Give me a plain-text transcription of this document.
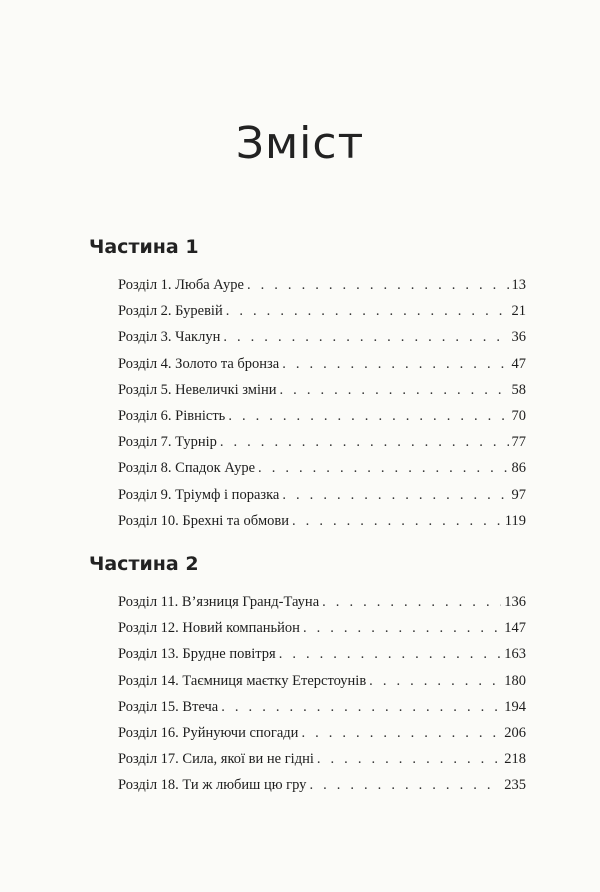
Зміст
Частина 1
Розділ 1. Люба Ауре . . .	13
Розділ 2. Буревій . . .	21
Розділ 3. Чаклун . . .	36
Розділ 4. Золото та бронза . . .	47
Розділ 5. Невеличкі зміни . . .	58
Розділ 6. Рівність . . .	70
Розділ 7. Турнір . . .	77
Розділ 8. Спадок Ауре . . .	86
Розділ 9. Тріумф і поразка . . .	97
Розділ 10. Брехні та обмови . . .	119
Частина 2
Розділ 11. В’язниця Гранд-Тауна . . .	136
Розділ 12. Новий компаньйон . . .	147
Розділ 13. Брудне повітря . . .	163
Розділ 14. Таємниця маєтку Етерстоунів . . .	180
Розділ 15. Втеча . . .	194
Розділ 16. Руйнуючи спогади . . .	206
Розділ 17. Сила, якої ви не гідні . . .	218
Розділ 18. Ти ж любиш цю гру . . .	235
